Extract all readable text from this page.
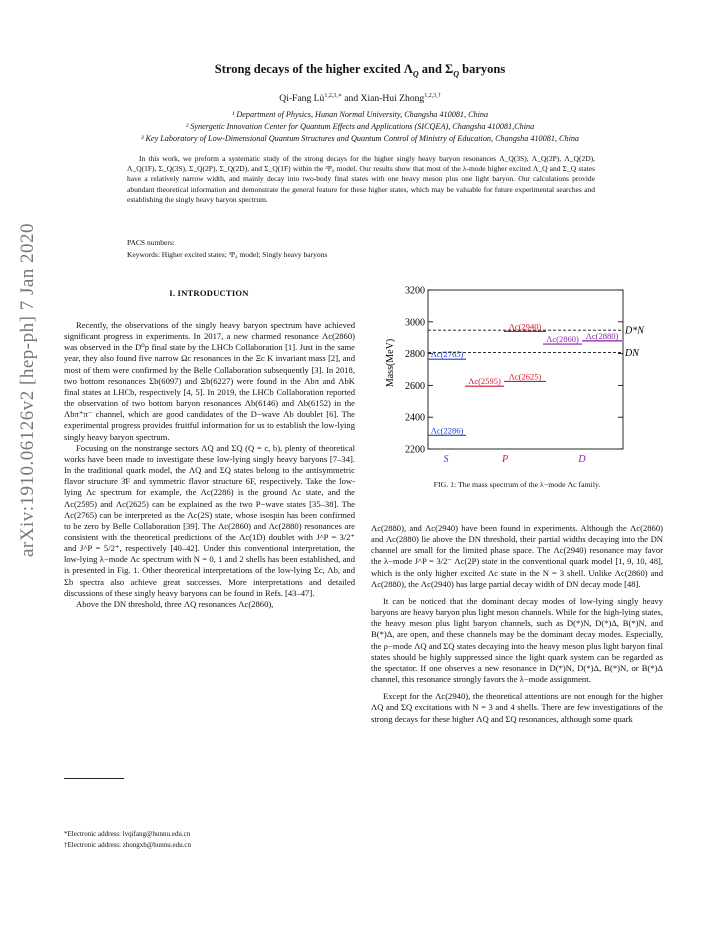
arXiv:1910.06126v2 [hep-ph] 7 Jan 2020
Strong decays of the higher excited $\Lambda_Q$ and $\Sigma_Q$ baryons
Qi-Fang $Lü^{1,2,3,∗}$ and Xian-Hui Zhong$^{1,2,3,\dagger}$
¹ Department of Physics, Hunan Normal University, Changsha 410081, China
² Synergetic Innovation Center for Quantum Effects and Applications (SICQEA), Changsha 410081,China
³ Key Laboratory of Low-Dimensional Quantum Structures and Quantum Control of Ministry of Education, Changsha 410081, China
In this work, we preform a systematic study of the strong decays for the higher singly heavy baryon resonances Λ_Q(3S), Λ_Q(2P), Λ_Q(2D), Λ_Q(1F), Σ_Q(3S), Σ_Q(2P), Σ_Q(2D), and Σ_Q(1F) within the ³P₀ model. Our results show that most of the λ-mode higher excited Λ_Q and Σ_Q states have a relatively narrow width, and mainly decay into two-body final states with one heavy meson plus one light baryon. Our calculations provide abundant theoretical information and demonstrate the general feature for these higher states, which may be valuable for future experimental searches and establishing the singly heavy baryon spectrum.
PACS numbers:
Keywords: Higher excited states; ³P₀ model; Singly heavy baryons
I. INTRODUCTION

Recently, the observations of the singly heavy baryon spectrum have achieved significant progress in experiments. In 2017, a new charmed resonance Λc(2860) was observed in the D⁰p final state by the LHCb Collaboration [1]. Just in the same year, they also found five narrow Ωc resonances in the Ξc K invariant mass [2], and most of them were confirmed by the Belle Collaboration subsequently [3]. In 2018, two bottom resonances Σb(6097) and Ξb(6227) were found in the Λbπ and ΛbK final states at LHCb, respectively [4, 5]. In 2019, the LHCb Collaboration reported the observation of two bottom baryon resonances Λb(6146) and Λb(6152) in the Λbπ⁺π⁻ channel, which are good candidates of the D−wave Λb doublet [6]. The experimental progress provides fruitful information for us to establish the low-lying singly heavy baryon spectrum.

Focusing on the nonstrange sectors ΛQ and ΣQ (Q = c, b), plenty of theoretical works have been made to investigate these low-lying singly heavy baryons [7–34]. In the traditional quark model, the ΛQ and ΣQ states belong to the antisymmetric flavor structure 3̄F and symmetric flavor structure 6F, respectively. Take the low-lying Λc spectrum for example, the Λc(2286) is the ground Λc state, and the Λc(2595) and Λc(2625) can be explained as the two P−wave states [35–38]. The Λc(2765) can be interpreted as the Λc(2S) state, whose isospin has been confirmed to be zero by Belle Collaboration [39]. The Λc(2860) and Λc(2880) resonances are consistent with the theoretical predictions of the Λc(1D) doublet with J^P = 3/2⁺ and J^P = 5/2⁺, respectively [40–42]. Under this conventional interpretation, the low-lying λ−mode Λc spectrum with N = 0, 1 and 2 shells has been established, and is presented in Fig. 1. Other theoretical interpretations of the low-lying Σc, Λb, and Σb spectra also achieve great successes. More interpretations and detailed discussions of these singly heavy baryons can be found in Refs. [43–47].

Above the DN threshold, three ΛQ resonances Λc(2860),

*Electronic address: lvqifang@hunnu.edu.cn
†Electronic address: zhongxh@hunnu.edu.cn
2200
2400
2600
2800
3000
3200
S	P	D
D*N
DN
Λc(2286)
Λc(2765)
Λc(2595) Λc(2625)
Λc(2940)
Λc(2860) Λc(2880)
Mass(MeV)
FIG. 1: The mass spectrum of the λ−mode Λc family.

Λc(2880), and Λc(2940) have been found in experiments. Although the Λc(2860) and Λc(2880) lie above the DN threshold, their partial widths decaying into the DN channel are small for the limited phase space. The Λc(2940) resonance may favor the λ−mode J^P = 3/2⁻ Λc(2P) state in the conventional quark model [1, 9, 10, 48], which is the only higher excited Λc state in the N = 3 shell. Unlike Λc(2860) and Λc(2880), the Λc(2940) has large partial decay width of DN decay mode [48].

It can be noticed that the dominant decay modes of low-lying singly heavy baryons are heavy baryon plus light meson channels. While for the high-lying states, the heavy meson plus light baryon channels, such as D(*)N, D(*)Δ, B(*)N, and B(*)Δ, are open, and these channels may be the dominant decay modes. Especially, the ρ−mode ΛQ and ΣQ states decaying into the heavy meson plus light baryon final states should be highly suppressed since the light quark system can be regarded as the spectator. If one observes a new resonance in D(*)N, D(*)Δ, B(*)N, or B(*)Δ channel, this resonance strongly favors the λ−mode assignment.

Except for the Λc(2940), the theoretical attentions are not enough for the higher ΛQ and ΣQ excitations with N = 3 and 4 shells. There are few investigations of the strong decays for these higher ΛQ and ΣQ resonances, although some quark
